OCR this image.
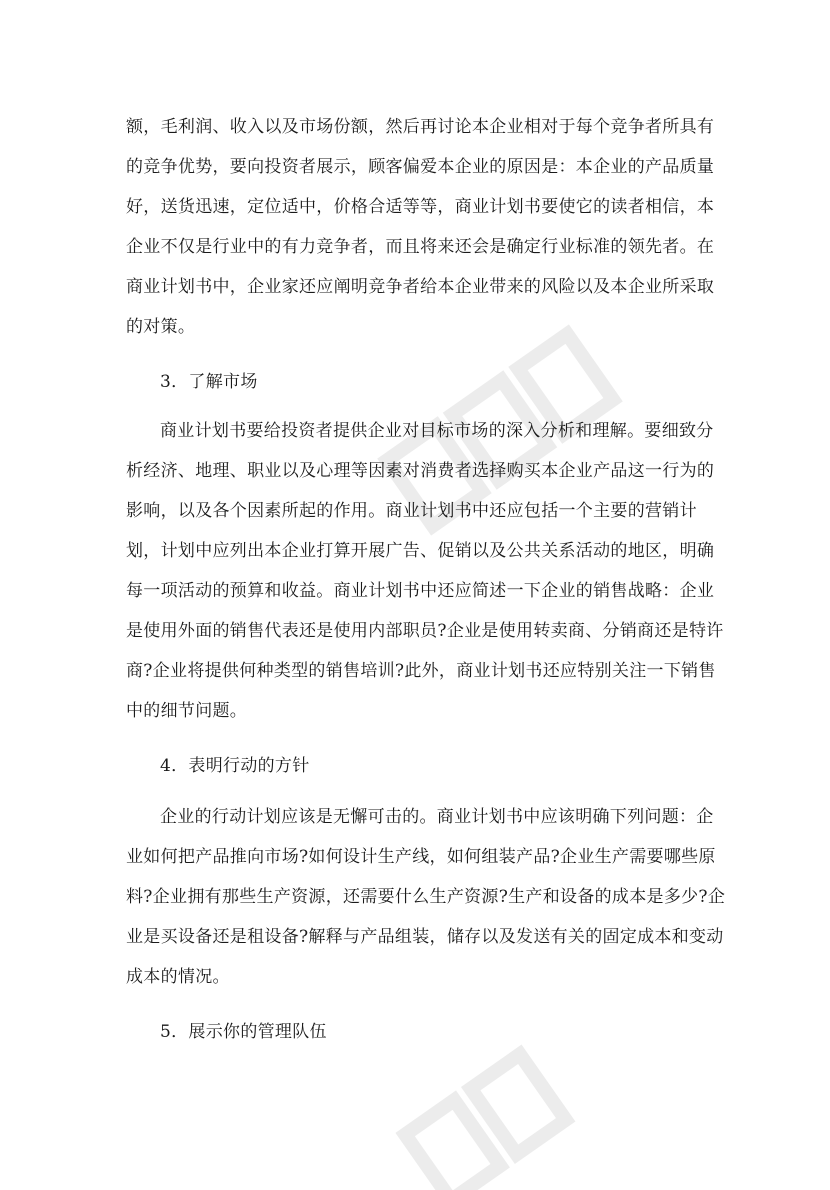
额，毛利润、收入以及市场份额，然后再讨论本企业相对于每个竞争者所具有
的竞争优势，要向投资者展示，顾客偏爱本企业的原因是：本企业的产品质量
好，送货迅速，定位适中，价格合适等等，商业计划书要使它的读者相信，本
企业不仅是行业中的有力竞争者，而且将来还会是确定行业标准的领先者。在
商业计划书中，企业家还应阐明竞争者给本企业带来的风险以及本企业所采取
的对策。
3．了解市场
商业计划书要给投资者提供企业对目标市场的深入分析和理解。要细致分
析经济、地理、职业以及心理等因素对消费者选择购买本企业产品这一行为的
影响，以及各个因素所起的作用。商业计划书中还应包括一个主要的营销计
划，计划中应列出本企业打算开展广告、促销以及公共关系活动的地区，明确
每一项活动的预算和收益。商业计划书中还应简述一下企业的销售战略：企业
是使用外面的销售代表还是使用内部职员?企业是使用转卖商、分销商还是特许
商?企业将提供何种类型的销售培训?此外，商业计划书还应特别关注一下销售
中的细节问题。
4．表明行动的方针
企业的行动计划应该是无懈可击的。商业计划书中应该明确下列问题：企
业如何把产品推向市场?如何设计生产线，如何组装产品?企业生产需要哪些原
料?企业拥有那些生产资源，还需要什么生产资源?生产和设备的成本是多少?企
业是买设备还是租设备?解释与产品组装，储存以及发送有关的固定成本和变动
成本的情况。
5．展示你的管理队伍
